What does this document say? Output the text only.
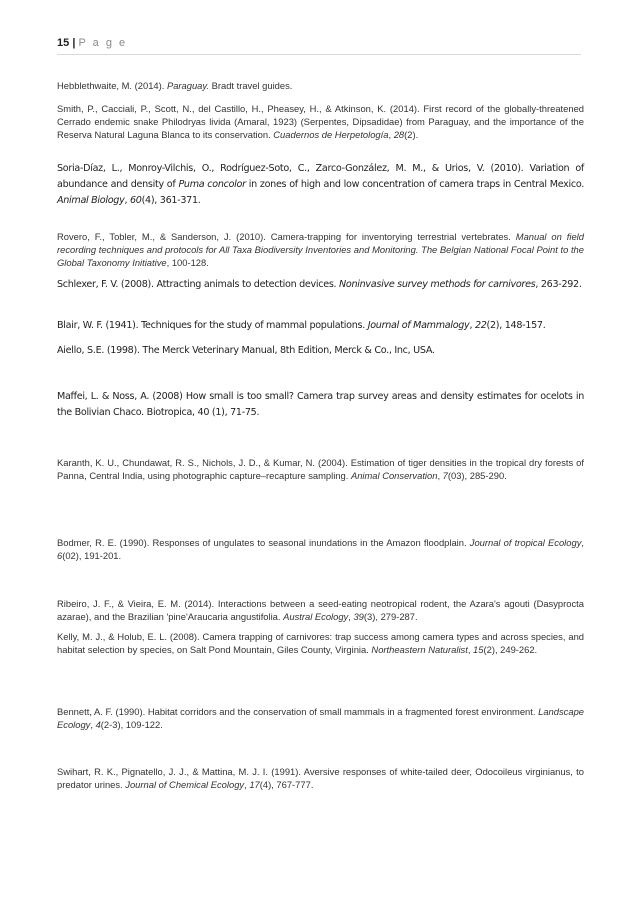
15 | P a g e

Hebblethwaite, M. (2014). Paraguay. Bradt travel guides.

Smith, P., Cacciali, P., Scott, N., del Castillo, H., Pheasey, H., & Atkinson, K. (2014). First record of the globally-threatened Cerrado endemic snake Philodryas livida (Amaral, 1923) (Serpentes, Dipsadidae) from Paraguay, and the importance of the Reserva Natural Laguna Blanca to its conservation. Cuadernos de Herpetología, 28(2).

Soria-Díaz, L., Monroy-Vilchis, O., Rodríguez-Soto, C., Zarco-González, M. M., & Urios, V. (2010). Variation of abundance and density of Puma concolor in zones of high and low concentration of camera traps in Central Mexico. Animal Biology, 60(4), 361-371.

Rovero, F., Tobler, M., & Sanderson, J. (2010). Camera-trapping for inventorying terrestrial vertebrates. Manual on field recording techniques and protocols for All Taxa Biodiversity Inventories and Monitoring. The Belgian National Focal Point to the Global Taxonomy Initiative, 100-128.

Schlexer, F. V. (2008). Attracting animals to detection devices. Noninvasive survey methods for carnivores, 263-292.

Blair, W. F. (1941). Techniques for the study of mammal populations. Journal of Mammalogy, 22(2), 148-157.

Aiello, S.E. (1998). The Merck Veterinary Manual, 8th Edition, Merck & Co., Inc, USA.

Maffei, L. & Noss, A. (2008) How small is too small? Camera trap survey areas and density estimates for ocelots in the Bolivian Chaco. Biotropica, 40 (1), 71-75.

Karanth, K. U., Chundawat, R. S., Nichols, J. D., & Kumar, N. (2004). Estimation of tiger densities in the tropical dry forests of Panna, Central India, using photographic capture–recapture sampling. Animal Conservation, 7(03), 285-290.

Bodmer, R. E. (1990). Responses of ungulates to seasonal inundations in the Amazon floodplain. Journal of tropical Ecology, 6(02), 191-201.

Ribeiro, J. F., & Vieira, E. M. (2014). Interactions between a seed-eating neotropical rodent, the Azara's agouti (Dasyprocta azarae), and the Brazilian 'pine'Araucaria angustifolia. Austral Ecology, 39(3), 279-287.

Kelly, M. J., & Holub, E. L. (2008). Camera trapping of carnivores: trap success among camera types and across species, and habitat selection by species, on Salt Pond Mountain, Giles County, Virginia. Northeastern Naturalist, 15(2), 249-262.

Bennett, A. F. (1990). Habitat corridors and the conservation of small mammals in a fragmented forest environment. Landscape Ecology, 4(2-3), 109-122.

Swihart, R. K., Pignatello, J. J., & Mattina, M. J. I. (1991). Aversive responses of white-tailed deer, Odocoileus virginianus, to predator urines. Journal of Chemical Ecology, 17(4), 767-777.
